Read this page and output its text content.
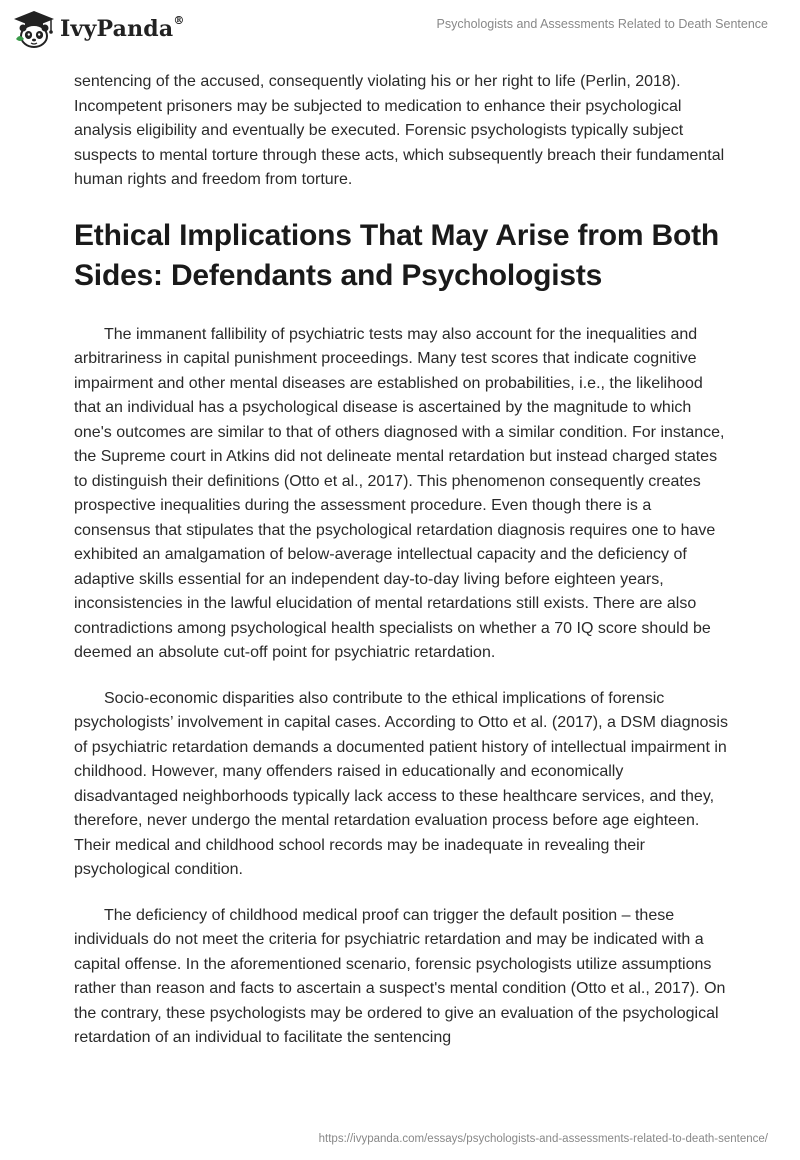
IvyPanda®	Psychologists and Assessments Related to Death Sentence

sentencing of the accused, consequently violating his or her right to life (Perlin, 2018). Incompetent prisoners may be subjected to medication to enhance their psychological analysis eligibility and eventually be executed. Forensic psychologists typically subject suspects to mental torture through these acts, which subsequently breach their fundamental human rights and freedom from torture.

Ethical Implications That May Arise from Both Sides: Defendants and Psychologists

The immanent fallibility of psychiatric tests may also account for the inequalities and arbitrariness in capital punishment proceedings. Many test scores that indicate cognitive impairment and other mental diseases are established on probabilities, i.e., the likelihood that an individual has a psychological disease is ascertained by the magnitude to which one's outcomes are similar to that of others diagnosed with a similar condition. For instance, the Supreme court in Atkins did not delineate mental retardation but instead charged states to distinguish their definitions (Otto et al., 2017). This phenomenon consequently creates prospective inequalities during the assessment procedure. Even though there is a consensus that stipulates that the psychological retardation diagnosis requires one to have exhibited an amalgamation of below-average intellectual capacity and the deficiency of adaptive skills essential for an independent day-to-day living before eighteen years, inconsistencies in the lawful elucidation of mental retardations still exists. There are also contradictions among psychological health specialists on whether a 70 IQ score should be deemed an absolute cut-off point for psychiatric retardation.

Socio-economic disparities also contribute to the ethical implications of forensic psychologists’ involvement in capital cases. According to Otto et al. (2017), a DSM diagnosis of psychiatric retardation demands a documented patient history of intellectual impairment in childhood. However, many offenders raised in educationally and economically disadvantaged neighborhoods typically lack access to these healthcare services, and they, therefore, never undergo the mental retardation evaluation process before age eighteen. Their medical and childhood school records may be inadequate in revealing their psychological condition.

The deficiency of childhood medical proof can trigger the default position – these individuals do not meet the criteria for psychiatric retardation and may be indicated with a capital offense. In the aforementioned scenario, forensic psychologists utilize assumptions rather than reason and facts to ascertain a suspect's mental condition (Otto et al., 2017). On the contrary, these psychologists may be ordered to give an evaluation of the psychological retardation of an individual to facilitate the sentencing

https://ivypanda.com/essays/psychologists-and-assessments-related-to-death-sentence/
